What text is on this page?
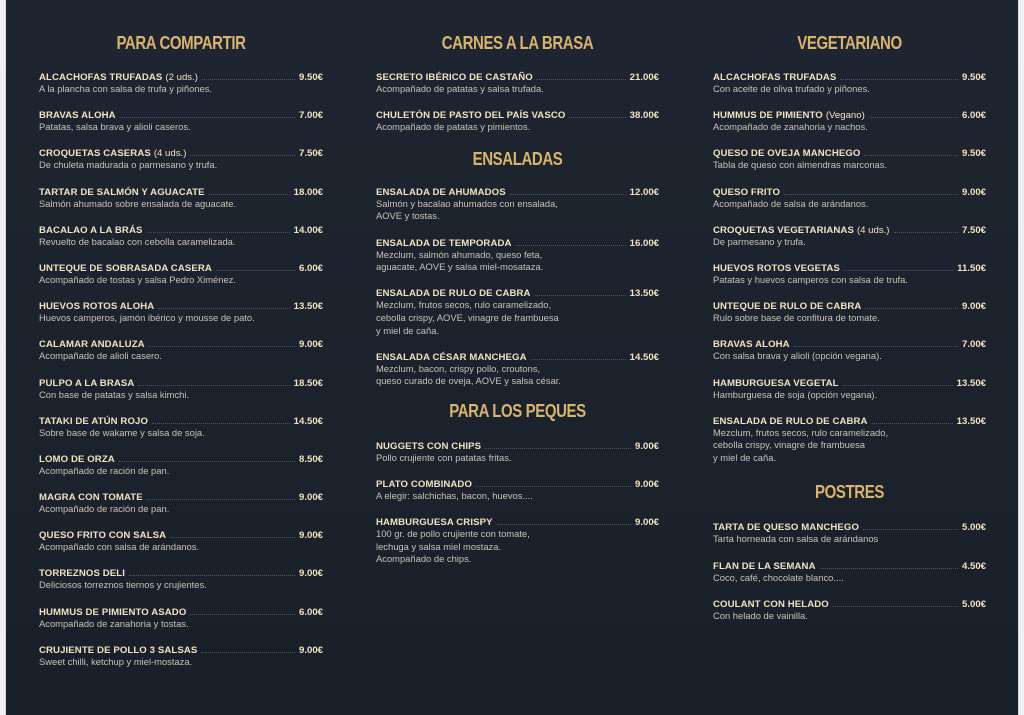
PARA COMPARTIR
ALCACHOFAS TRUFADAS (2 uds.)	9.50€
A la plancha con salsa de trufa y piñones.
BRAVAS ALOHA	7.00€
Patatas, salsa brava y alioli caseros.
CROQUETAS CASERAS (4 uds.)	7.50€
De chuleta madurada o parmesano y trufa.
TARTAR DE SALMÓN Y AGUACATE	18.00€
Salmón ahumado sobre ensalada de aguacate.
BACALAO A LA BRÁS	14.00€
Revuelto de bacalao con cebolla caramelizada.
UNTEQUE DE SOBRASADA CASERA	6.00€
Acompañado de tostas y salsa Pedro Ximénez.
HUEVOS ROTOS ALOHA	13.50€
Huevos camperos, jamón ibérico y mousse de pato.
CALAMAR ANDALUZA	9.00€
Acompañado de alioli casero.
PULPO A LA BRASA	18.50€
Con base de patatas y salsa kimchi.
TATAKI DE ATÚN ROJO	14.50€
Sobre base de wakame y salsa de soja.
LOMO DE ORZA	8.50€
Acompañado de ración de pan.
MAGRA CON TOMATE	9.00€
Acompañado de ración de pan.
QUESO FRITO CON SALSA	9.00€
Acompañado con salsa de arándanos.
TORREZNOS DELI	9.00€
Deliciosos torreznos tiernos y crujientes.
HUMMUS DE PIMIENTO ASADO	6.00€
Acompañado de zanahoria y tostas.
CRUJIENTE DE POLLO 3 SALSAS	9.00€
Sweet chilli, ketchup y miel-mostaza.
CARNES A LA BRASA
SECRETO IBÉRICO DE CASTAÑO	21.00€
Acompañado de patatas y salsa trufada.
CHULETÓN DE PASTO DEL PAÍS VASCO	38.00€
Acompañado de patatas y pimientos.
ENSALADAS
ENSALADA DE AHUMADOS	12.00€
Salmón y bacalao ahumados con ensalada,
AOVE y tostas.
ENSALADA DE TEMPORADA	16.00€
Mezclum, salmón ahumado, queso feta,
aguacate, AOVE y salsa miel-mosataza.
ENSALADA DE RULO DE CABRA	13.50€
Mezclum, frutos secos, rulo caramelizado,
cebolla crispy, AOVE, vinagre de frambuesa
y miel de caña.
ENSALADA CÉSAR MANCHEGA	14.50€
Mezclum, bacon, crispy pollo, croutons,
queso curado de oveja, AOVE y salsa césar.
PARA LOS PEQUES
NUGGETS CON CHIPS	9.00€
Pollo crujiente con patatas fritas.
PLATO COMBINADO	9.00€
A elegir: salchichas, bacon, huevos....
HAMBURGUESA CRISPY	9.00€
100 gr. de pollo crujiente con tomate,
lechuga y salsa miel mostaza.
Acompañado de chips.
VEGETARIANO
ALCACHOFAS TRUFADAS	9.50€
Con aceite de oliva trufado y piñones.
HUMMUS DE PIMIENTO (Vegano)	6.00€
Acompañado de zanahoria y nachos.
QUESO DE OVEJA MANCHEGO	9.50€
Tabla de queso con almendras marconas.
QUESO FRITO	9.00€
Acompañado de salsa de arándanos.
CROQUETAS VEGETARIANAS (4 uds.)	7.50€
De parmesano y trufa.
HUEVOS ROTOS VEGETAS	11.50€
Patatas y huevos camperos con salsa de trufa.
UNTEQUE DE RULO DE CABRA	9.00€
Rulo sobre base de confitura de tomate.
BRAVAS ALOHA	7.00€
Con salsa brava y alioli (opción vegana).
HAMBURGUESA VEGETAL	13.50€
Hamburguesa de soja (opción vegana).
ENSALADA DE RULO DE CABRA	13.50€
Mezclum, frutos secos, rulo caramelizado,
cebolla crispy, vinagre de frambuesa
y miel de caña.
POSTRES
TARTA DE QUESO MANCHEGO	5.00€
Tarta horneada con salsa de arándanos
FLAN DE LA SEMANA	4.50€
Coco, café, chocolate blanco....
COULANT CON HELADO	5.00€
Con helado de vainilla.
